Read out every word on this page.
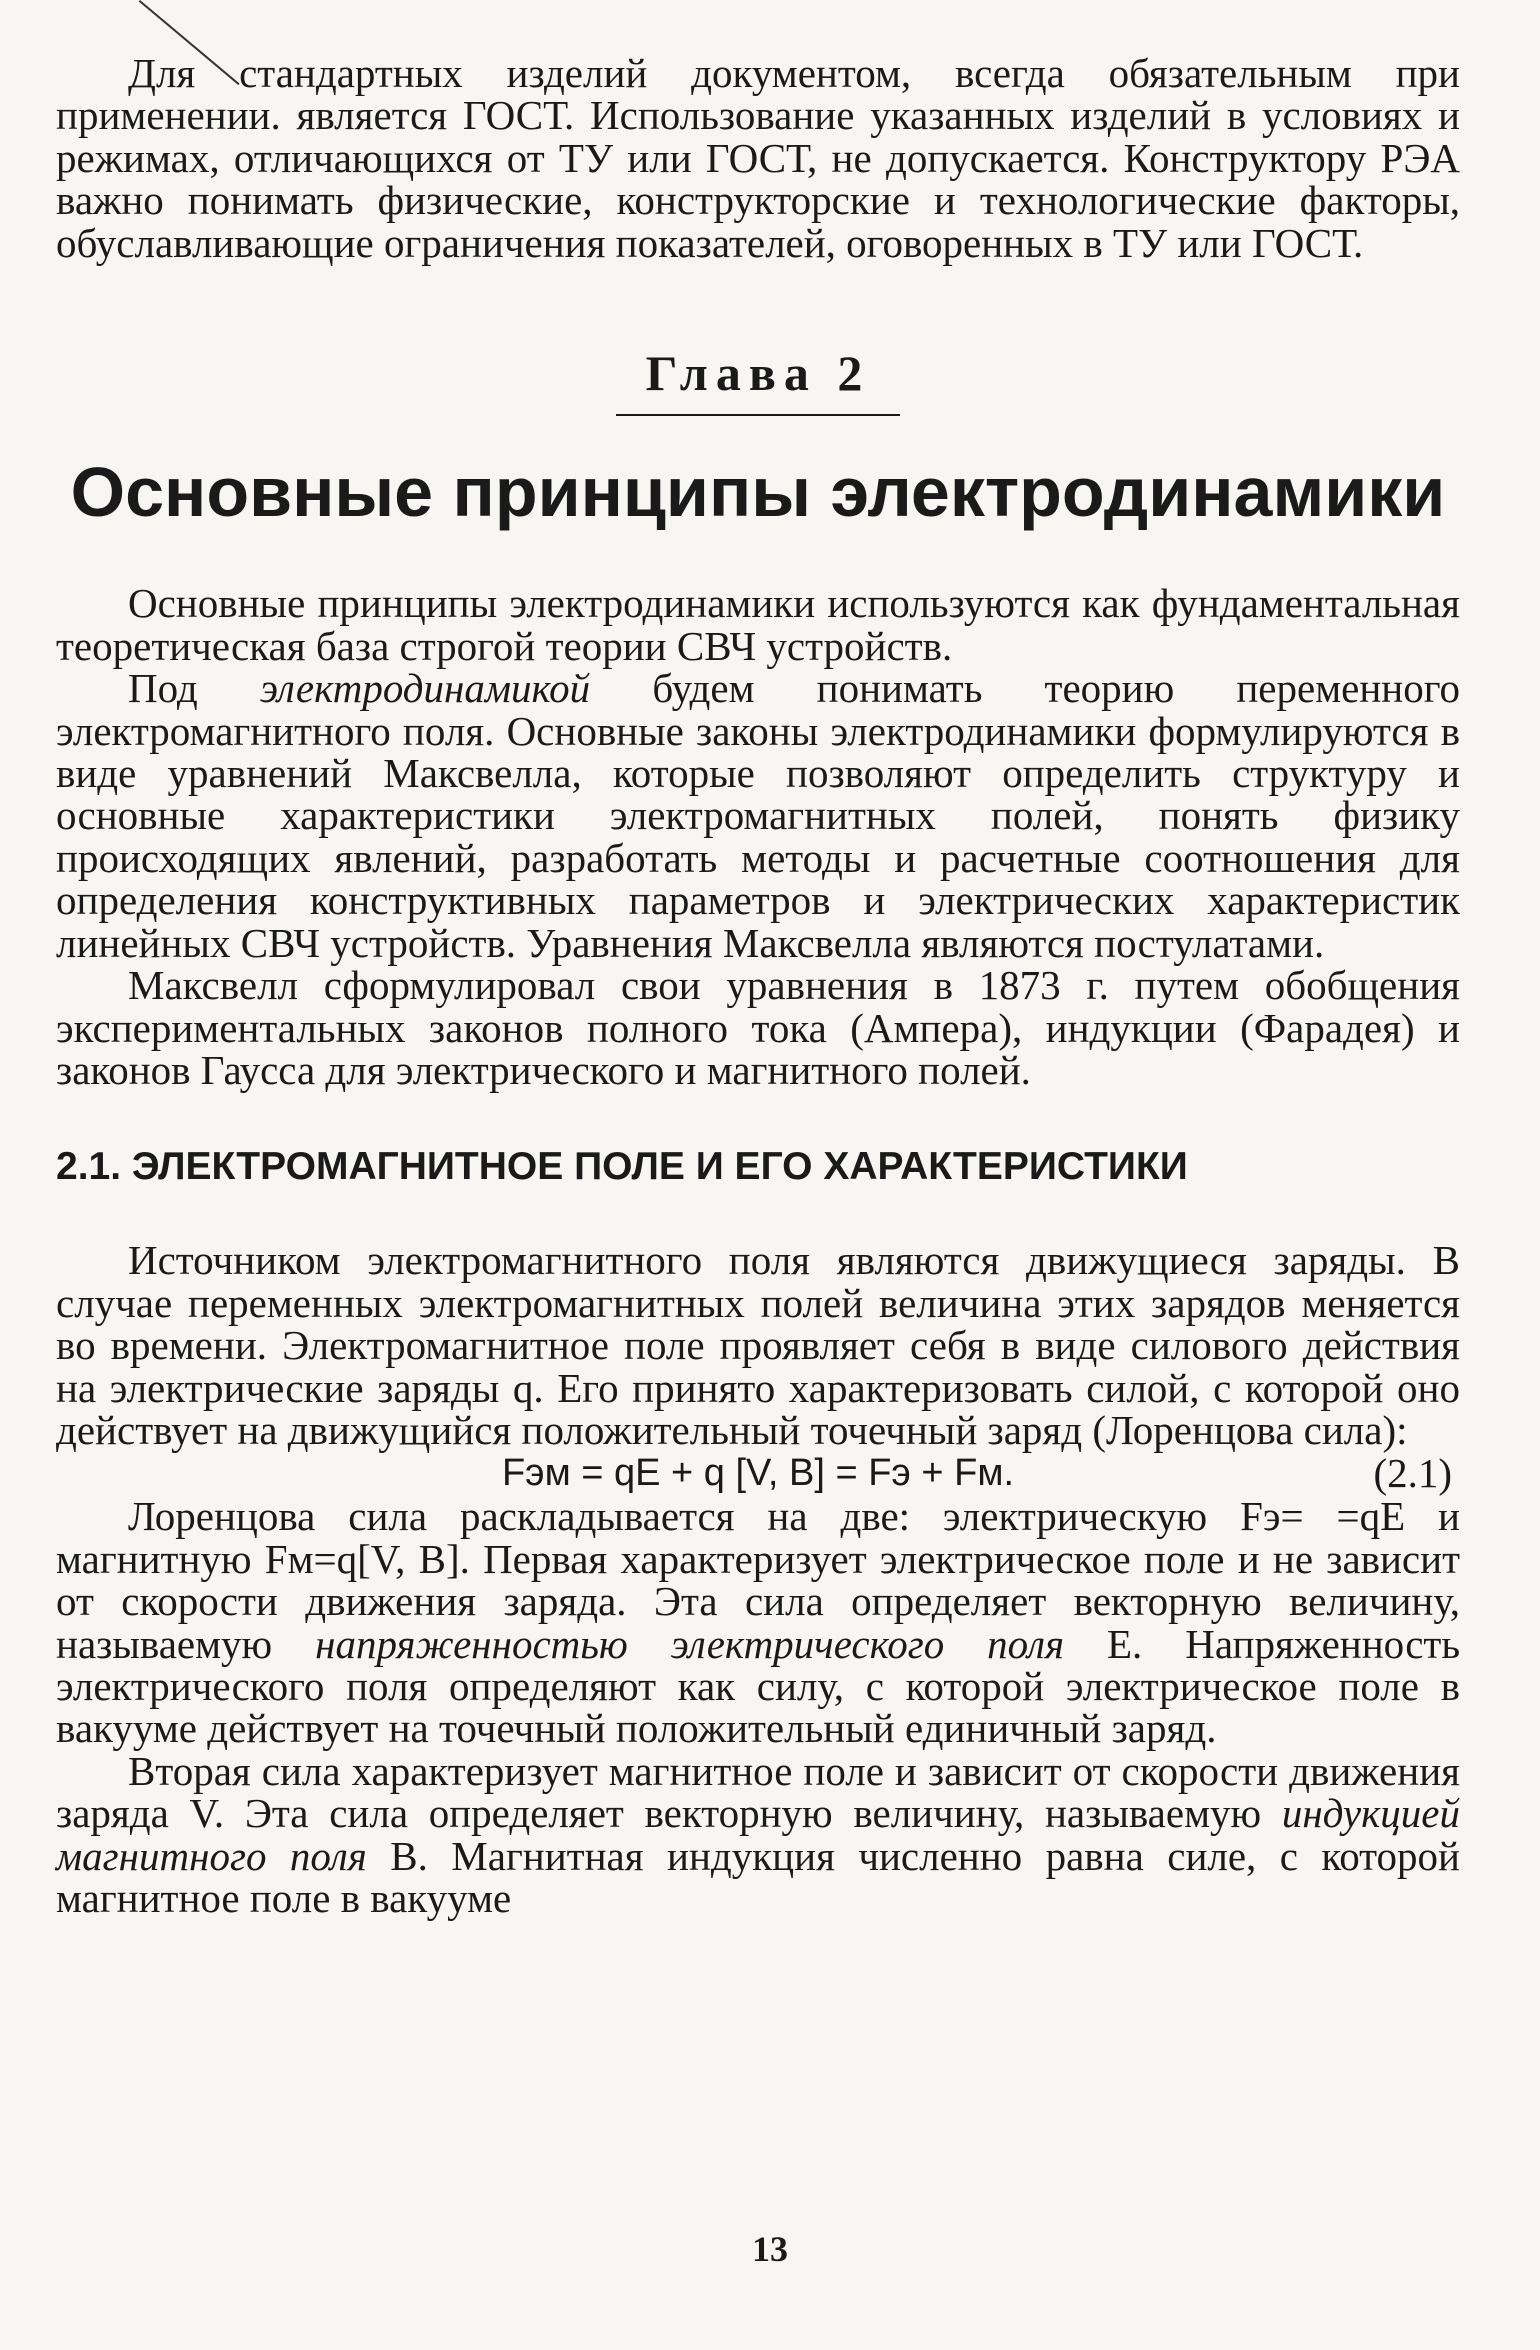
Для стандартных изделий документом, всегда обязательным при применении. является ГОСТ. Использование указанных изделий в условиях и режимах, отличающихся от ТУ или ГОСТ, не допускается. Конструктору РЭА важно понимать физические, конструкторские и технологические факторы, обуславливающие ограничения показателей, оговоренных в ТУ или ГОСТ.

Глава 2
Основные принципы электродинамики

Основные принципы электродинамики используются как фундаментальная теоретическая база строгой теории СВЧ устройств.

Под электродинамикой будем понимать теорию переменного электромагнитного поля. Основные законы электродинамики формулируются в виде уравнений Максвелла, которые позволяют определить структуру и основные характеристики электромагнитных полей, понять физику происходящих явлений, разработать методы и расчетные соотношения для определения конструктивных параметров и электрических характеристик линейных СВЧ устройств. Уравнения Максвелла являются постулатами.

Максвелл сформулировал свои уравнения в 1873 г. путем обобщения экспериментальных законов полного тока (Ампера), индукции (Фарадея) и законов Гаусса для электрического и магнитного полей.

2.1. ЭЛЕКТРОМАГНИТНОЕ ПОЛЕ И ЕГО ХАРАКТЕРИСТИКИ

Источником электромагнитного поля являются движущиеся заряды. В случае переменных электромагнитных полей величина этих зарядов меняется во времени. Электромагнитное поле проявляет себя в виде силового действия на электрические заряды q. Его принято характеризовать силой, с которой оно действует на движущийся положительный точечный заряд (Лоренцова сила):

Fэм = qE + q [V, B] = Fэ + Fм.	(2.1)

Лоренцова сила раскладывается на две: электрическую Fэ= =qE и магнитную Fм=q[V, B]. Первая характеризует электрическое поле и не зависит от скорости движения заряда. Эта сила определяет векторную величину, называемую напряженностью электрического поля E. Напряженность электрического поля определяют как силу, с которой электрическое поле в вакууме действует на точечный положительный единичный заряд.

Вторая сила характеризует магнитное поле и зависит от скорости движения заряда V. Эта сила определяет векторную величину, называемую индукцией магнитного поля B. Магнитная индукция численно равна силе, с которой магнитное поле в вакууме

13
